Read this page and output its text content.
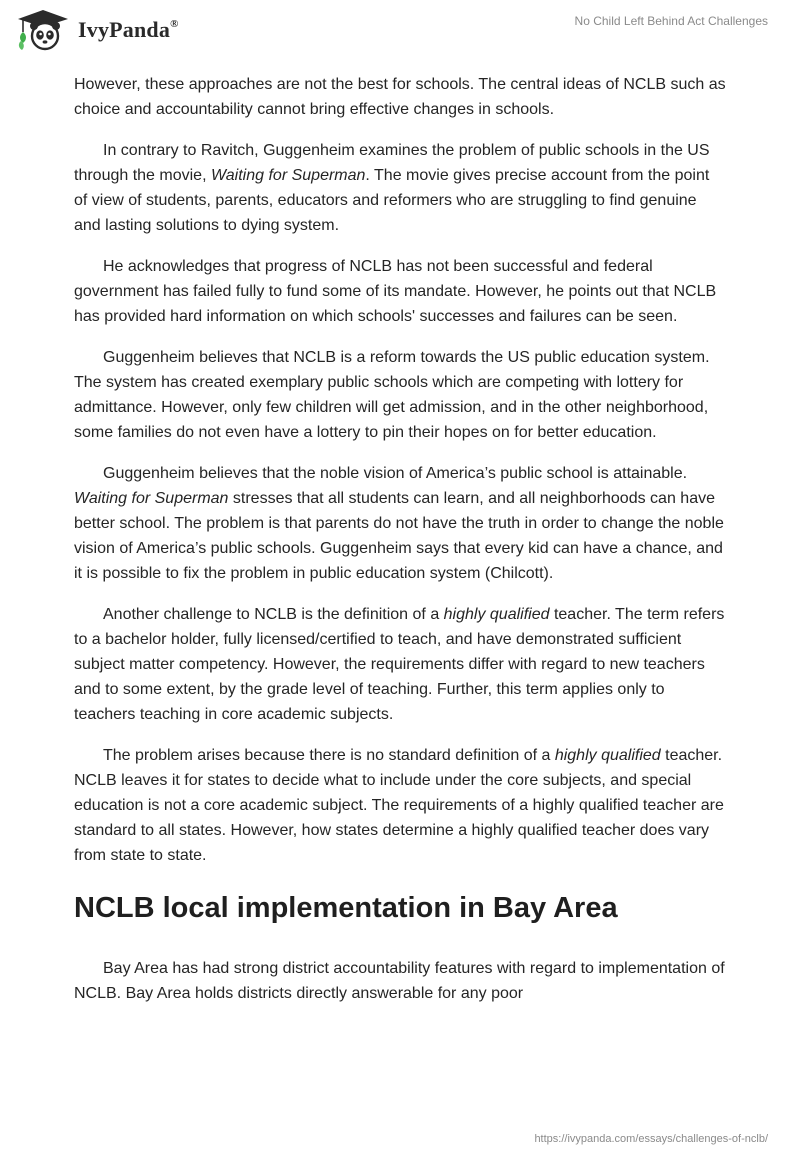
IvyPanda®	No Child Left Behind Act Challenges

However, these approaches are not the best for schools. The central ideas of NCLB such as choice and accountability cannot bring effective changes in schools.

In contrary to Ravitch, Guggenheim examines the problem of public schools in the US through the movie, Waiting for Superman. The movie gives precise account from the point of view of students, parents, educators and reformers who are struggling to find genuine and lasting solutions to dying system.

He acknowledges that progress of NCLB has not been successful and federal government has failed fully to fund some of its mandate. However, he points out that NCLB has provided hard information on which schools' successes and failures can be seen.

Guggenheim believes that NCLB is a reform towards the US public education system. The system has created exemplary public schools which are competing with lottery for admittance. However, only few children will get admission, and in the other neighborhood, some families do not even have a lottery to pin their hopes on for better education.

Guggenheim believes that the noble vision of America’s public school is attainable. Waiting for Superman stresses that all students can learn, and all neighborhoods can have better school. The problem is that parents do not have the truth in order to change the noble vision of America’s public schools. Guggenheim says that every kid can have a chance, and it is possible to fix the problem in public education system (Chilcott).

Another challenge to NCLB is the definition of a highly qualified teacher. The term refers to a bachelor holder, fully licensed/certified to teach, and have demonstrated sufficient subject matter competency. However, the requirements differ with regard to new teachers and to some extent, by the grade level of teaching. Further, this term applies only to teachers teaching in core academic subjects.

The problem arises because there is no standard definition of a highly qualified teacher. NCLB leaves it for states to decide what to include under the core subjects, and special education is not a core academic subject. The requirements of a highly qualified teacher are standard to all states. However, how states determine a highly qualified teacher does vary from state to state.

NCLB local implementation in Bay Area

Bay Area has had strong district accountability features with regard to implementation of NCLB. Bay Area holds districts directly answerable for any poor

https://ivypanda.com/essays/challenges-of-nclb/
